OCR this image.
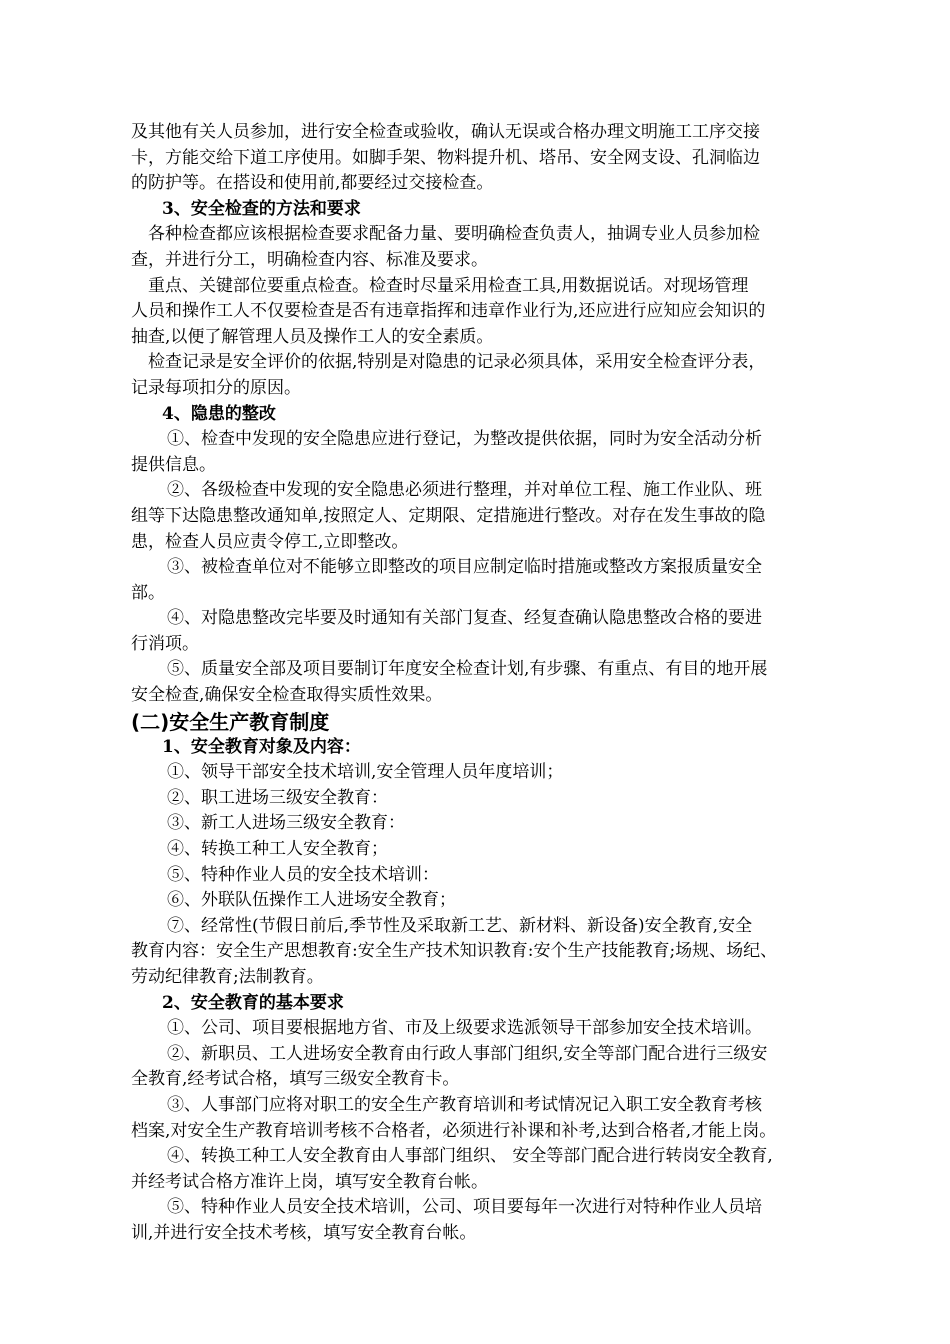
及其他有关人员参加，进行安全检查或验收，确认无误或合格办理文明施工工序交接
卡，方能交给下道工序使用。如脚手架、物料提升机、塔吊、安全网支设、孔洞临边
的防护等。在搭设和使用前,都要经过交接检查。
3、安全检查的方法和要求
各种检查都应该根据检查要求配备力量、要明确检查负责人，抽调专业人员参加检
查，并进行分工，明确检查内容、标准及要求。
重点、关键部位要重点检查。检查时尽量采用检查工具,用数据说话。对现场管理
人员和操作工人不仅要检查是否有违章指挥和违章作业行为,还应进行应知应会知识的
抽查,以便了解管理人员及操作工人的安全素质。
检查记录是安全评价的依据,特别是对隐患的记录必须具体，采用安全检查评分表，
记录每项扣分的原因。
4、隐患的整改
①、检查中发现的安全隐患应进行登记，为整改提供依据，同时为安全活动分析
提供信息。
②、各级检查中发现的安全隐患必须进行整理，并对单位工程、施工作业队、班
组等下达隐患整改通知单,按照定人、定期限、定措施进行整改。对存在发生事故的隐
患，检查人员应责令停工,立即整改。
③、被检查单位对不能够立即整改的项目应制定临时措施或整改方案报质量安全
部。
④、对隐患整改完毕要及时通知有关部门复查、经复查确认隐患整改合格的要进
行消项。
⑤、质量安全部及项目要制订年度安全检查计划,有步骤、有重点、有目的地开展
安全检查,确保安全检查取得实质性效果。
(二)安全生产教育制度
1、安全教育对象及内容：
①、领导干部安全技术培训,安全管理人员年度培训；
②、职工进场三级安全教育：
③、新工人进场三级安全教育：
④、转换工种工人安全教育；
⑤、特种作业人员的安全技术培训：
⑥、外联队伍操作工人进场安全教育；
⑦、经常性(节假日前后,季节性及采取新工艺、新材料、新设备)安全教育,安全
教育内容：安全生产思想教育:安全生产技术知识教育:安个生产技能教育;场规、场纪、
劳动纪律教育;法制教育。
2、安全教育的基本要求
①、公司、项目要根据地方省、市及上级要求选派领导干部参加安全技术培训。
②、新职员、工人进场安全教育由行政人事部门组织,安全等部门配合进行三级安
全教育,经考试合格，填写三级安全教育卡。
③、人事部门应将对职工的安全生产教育培训和考试情况记入职工安全教育考核
档案,对安全生产教育培训考核不合格者，必须进行补课和补考,达到合格者,才能上岗。
④、转换工种工人安全教育由人事部门组织、 安全等部门配合进行转岗安全教育,
并经考试合格方准许上岗，填写安全教育台帐。
⑤、特种作业人员安全技术培训，公司、项目要每年一次进行对特种作业人员培
训,并进行安全技术考核，填写安全教育台帐。
